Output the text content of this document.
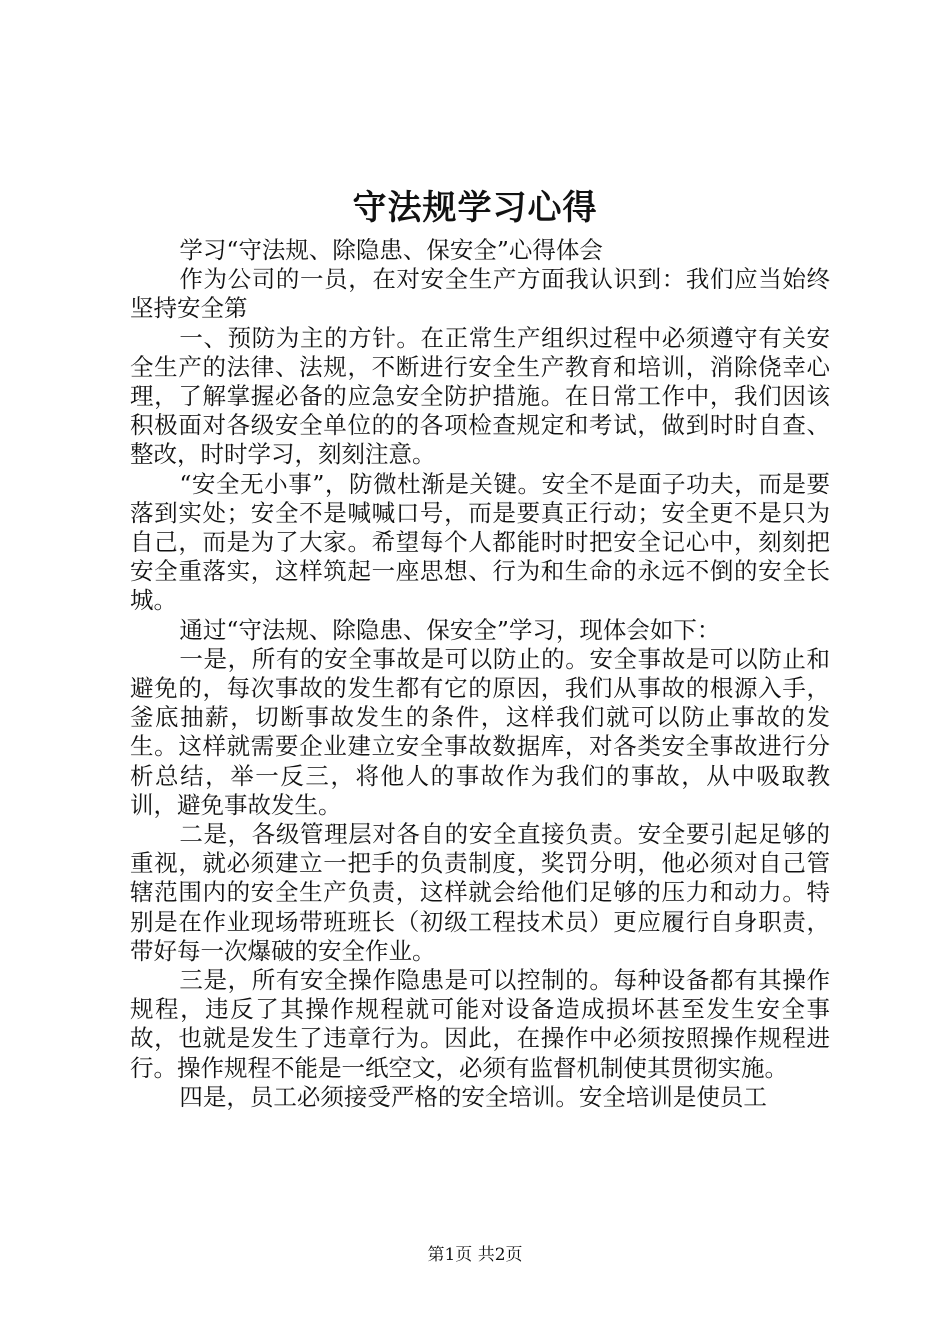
守法规学习心得

学习“守法规、除隐患、保安全”心得体会

作为公司的一员，在对安全生产方面我认识到：我们应当始终坚持安全第

一、预防为主的方针。在正常生产组织过程中必须遵守有关安全生产的法律、法规，不断进行安全生产教育和培训，消除侥幸心理，了解掌握必备的应急安全防护措施。在日常工作中，我们因该积极面对各级安全单位的的各项检查规定和考试，做到时时自查、整改，时时学习，刻刻注意。

“安全无小事”，防微杜渐是关键。安全不是面子功夫，而是要落到实处；安全不是喊喊口号，而是要真正行动；安全更不是只为自己，而是为了大家。希望每个人都能时时把安全记心中，刻刻把安全重落实，这样筑起一座思想、行为和生命的永远不倒的安全长城。

通过“守法规、除隐患、保安全”学习，现体会如下：

一是，所有的安全事故是可以防止的。安全事故是可以防止和避免的，每次事故的发生都有它的原因，我们从事故的根源入手，釜底抽薪，切断事故发生的条件，这样我们就可以防止事故的发生。这样就需要企业建立安全事故数据库，对各类安全事故进行分析总结，举一反三，将他人的事故作为我们的事故，从中吸取教训，避免事故发生。

二是，各级管理层对各自的安全直接负责。安全要引起足够的重视，就必须建立一把手的负责制度，奖罚分明，他必须对自己管辖范围内的安全生产负责，这样就会给他们足够的压力和动力。特别是在作业现场带班班长（初级工程技术员）更应履行自身职责，带好每一次爆破的安全作业。

三是，所有安全操作隐患是可以控制的。每种设备都有其操作规程，违反了其操作规程就可能对设备造成损坏甚至发生安全事故，也就是发生了违章行为。因此，在操作中必须按照操作规程进行。操作规程不能是一纸空文，必须有监督机制使其贯彻实施。

四是，员工必须接受严格的安全培训。安全培训是使员工

第1页 共2页
